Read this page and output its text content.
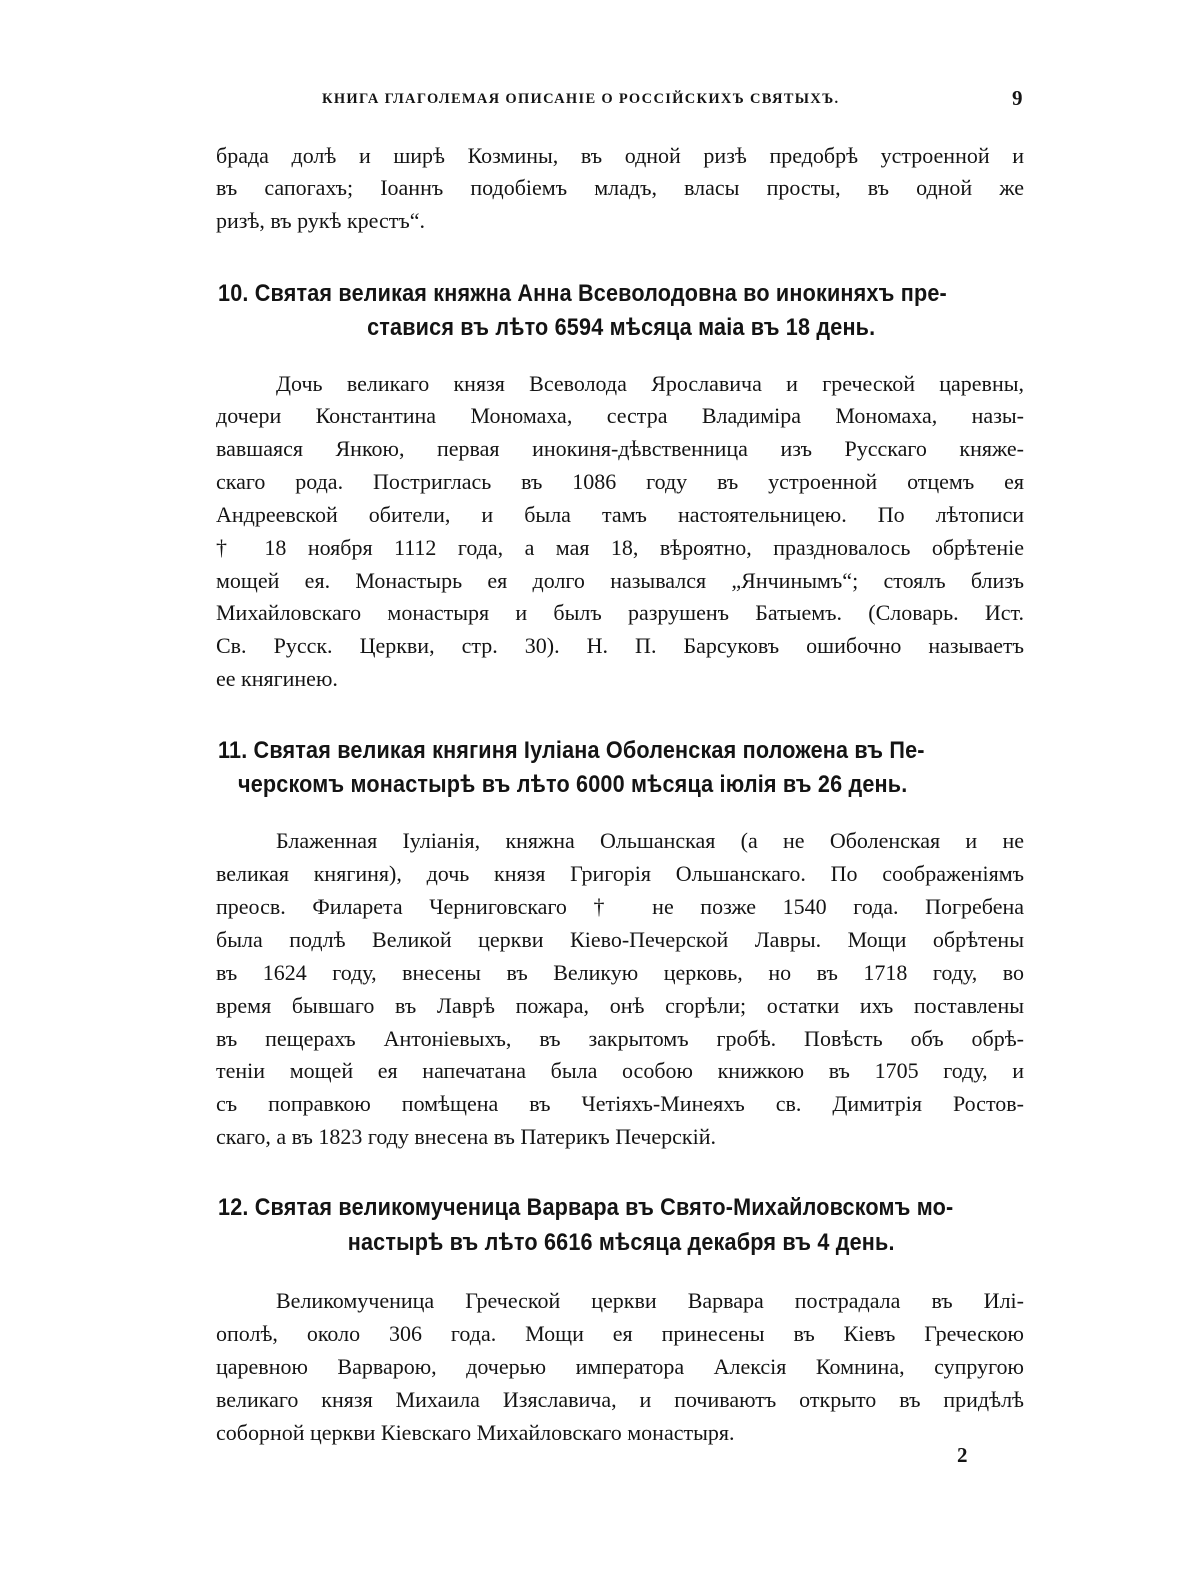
КНИГА ГЛАГОЛЕМАЯ ОПИСАНІЕ О РОССІЙСКИХЪ СВЯТЫХЪ.	9
брада долѣ и ширѣ Козмины, въ одной ризѣ предобрѣ устроенной и
въ сапогахъ; Іоаннъ подобіемъ младъ, власы просты, въ одной же
ризѣ, въ рукѣ крестъ“.
10. Святая великая княжна Анна Всеволодовна во инокиняхъ пре-
ставися въ лѣто 6594 мѣсяца маіа въ 18 день.
Дочь великаго князя Всеволода Ярославича и греческой царевны,
дочери Константина Мономаха, сестра Владиміра Мономаха, назы-
вавшаяся Янкою, первая инокиня-дѣвственница изъ Русскаго княже-
скаго рода. Постриглась въ 1086 году въ устроенной отцемъ ея
Андреевской обители, и была тамъ настоятельницею. По лѣтописи
† 18 ноября 1112 года, а мая 18, вѣроятно, праздновалось обрѣтеніе
мощей ея. Монастырь ея долго назывался „Янчинымъ“; стоялъ близъ
Михайловскаго монастыря и былъ разрушенъ Батыемъ. (Словарь. Ист.
Св. Русск. Церкви, стр. 30). Н. П. Барсуковъ ошибочно называетъ
ее княгинею.
11. Святая великая княгиня Іуліана Оболенская положена въ Пе-
черскомъ монастырѣ въ лѣто 6000 мѣсяца іюлія въ 26 день.
Блаженная Іуліанія, княжна Ольшанская (а не Оболенская и не
великая княгиня), дочь князя Григорія Ольшанскаго. По соображеніямъ
преосв. Филарета Черниговскаго † не позже 1540 года. Погребена
была подлѣ Великой церкви Кіево-Печерской Лавры. Мощи обрѣтены
въ 1624 году, внесены въ Великую церковь, но въ 1718 году, во
время бывшаго въ Лаврѣ пожара, онѣ сгорѣли; остатки ихъ поставлены
въ пещерахъ Антоніевыхъ, въ закрытомъ гробѣ. Повѣсть объ обрѣ-
теніи мощей ея напечатана была особою книжкою въ 1705 году, и
съ поправкою помѣщена въ Четіяхъ-Минеяхъ св. Димитрія Ростов-
скаго, а въ 1823 году внесена въ Патерикъ Печерскій.
12. Святая великомученица Варвара въ Свято-Михайловскомъ мо-
настырѣ въ лѣто 6616 мѣсяца декабря въ 4 день.
Великомученица Греческой церкви Варвара пострадала въ Илі-
ополѣ, около 306 года. Мощи ея принесены въ Кіевъ Греческою
царевною Варварою, дочерью императора Алексія Комнина, супругою
великаго князя Михаила Изяславича, и почиваютъ открыто въ придѣлѣ
соборной церкви Кіевскаго Михайловскаго монастыря.
2
